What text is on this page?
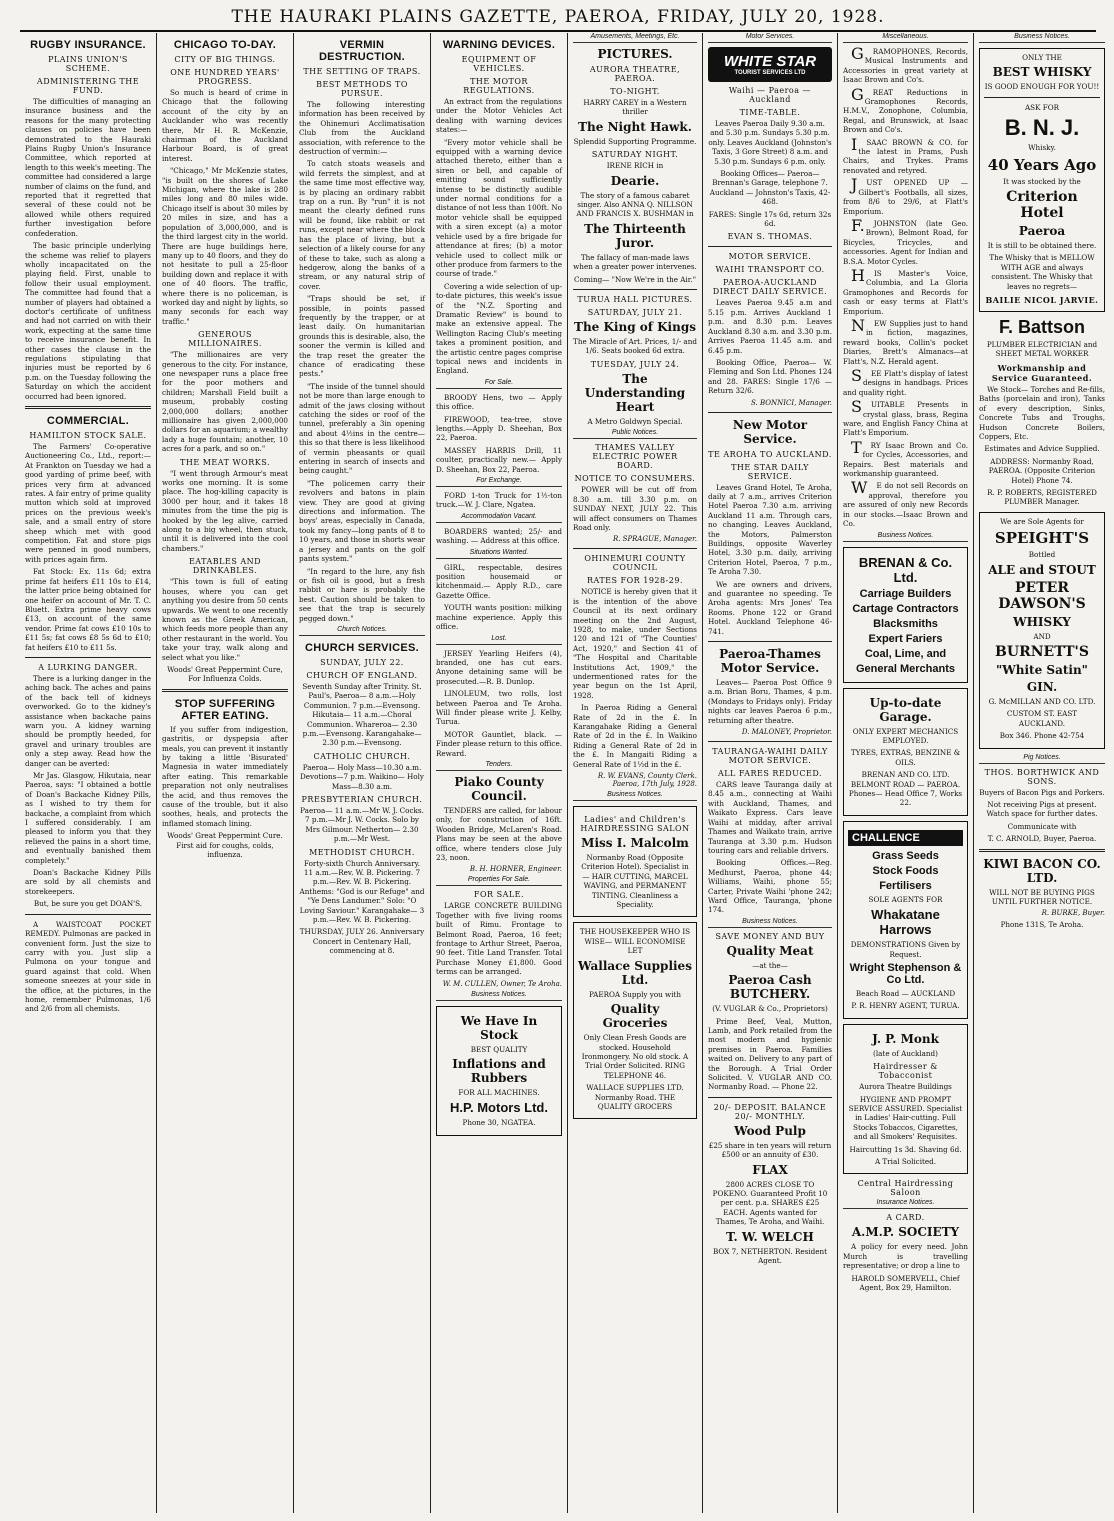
THE HAURAKI PLAINS GAZETTE, PAEROA, FRIDAY, JULY 20, 1928.
RUGBY INSURANCE.
PLAINS UNION'S SCHEME.
ADMINISTERING THE FUND.

The difficulties of managing an insurance business and the reasons for the many protecting clauses on policies have been demonstrated to the Hauraki Plains Rugby Union's Insurance Committee, which reported at length to this week's meeting. The committee had considered a large number of claims on the fund, and reported that it regretted that several of these could not be allowed while others required further investigation before confederation.

The basic principle underlying the scheme was relief to players wholly incapacitated on the playing field. First, unable to follow their usual employment. The committee had found that a number of players had obtained a doctor's certificate of unfitness and had not carried on with their work, expecting at the same time to receive insurance benefit. In other cases the clause in the regulations stipulating that injuries must be reported by 6 p.m. on the Tuesday following the Saturday on which the accident occurred had been ignored.

COMMERCIAL.
HAMILTON STOCK SALE.

The Farmers' Co-operative Auctioneering Co., Ltd., report:— At Frankton on Tuesday we had a good yarding of prime beef, with prices very firm at advanced rates. A fair entry of prime quality mutton which sold at improved prices on the previous week's sale, and a small entry of store sheep which met with good competition. Fat and store pigs were penned in good numbers, with prices again firm.

Fat Stock: Ex. 11s 6d; extra prime fat heifers £11 10s to £14, the latter price being obtained for one heifer on account of Mr. T. C. Bluett. Extra prime heavy cows £13, on account of the same vendor. Prime fat cows £10 10s to £11 5s; fat cows £8 5s 6d to £10; fat heifers £10 to £11 5s.

A LURKING DANGER.

There is a lurking danger in the aching back. The aches and pains of the back tell of kidneys overworked. Go to the kidney's assistance when backache pains warn you. A kidney warning should be promptly heeded, for gravel and urinary troubles are only a step away. Read how the danger can be averted:

Mr Jas. Glasgow, Hikutaia, near Paeroa, says: "I obtained a bottle of Doan's Backache Kidney Pills, as I wished to try them for backache, a complaint from which I suffered considerably. I am pleased to inform you that they relieved the pains in a short time, and eventually banished them completely."

Doan's Backache Kidney Pills are sold by all chemists and storekeepers.

But, be sure you get DOAN'S.

A WAISTCOAT POCKET REMEDY. Pulmonas are packed in convenient form. Just the size to carry with you. Just slip a Pulmona on your tongue and guard against that cold. When someone sneezes at your side in the office, at the pictures, in the home, remember Pulmonas, 1/6 and 2/6 from all chemists.

CHICAGO TO-DAY.
CITY OF BIG THINGS.
ONE HUNDRED YEARS' PROGRESS.

So much is heard of crime in Chicago that the following account of the city by an Aucklander who was recently there, Mr H. R. McKenzie, chairman of the Auckland Harbour Board, is of great interest.

"Chicago," Mr McKenzie states, "is built on the shores of Lake Michigan, where the lake is 280 miles long and 80 miles wide. Chicago itself is about 30 miles by 20 miles in size, and has a population of 3,000,000, and is the third largest city in the world. There are huge buildings here, many up to 40 floors, and they do not hesitate to pull a 25-floor building down and replace it with one of 40 floors. The traffic, where there is no policeman, is worked day and night by lights, so many seconds for each way traffic."

GENEROUS MILLIONAIRES.

"The millionaires are very generous to the city. For instance, one newspaper runs a place free for the poor mothers and children; Marshall Field built a museum, probably costing 2,000,000 dollars; another millionaire has given 2,000,000 dollars for an aquarium; a wealthy lady a huge fountain; another, 10 acres for a park, and so on."

THE MEAT WORKS.

"I went through Armour's meat works one morning. It is some place. The hog-killing capacity is 3000 per hour, and it takes 18 minutes from the time the pig is hooked by the leg alive, carried along to a big wheel, then stuck, until it is delivered into the cool chambers."

EATABLES AND DRINKABLES.

"This town is full of eating houses, where you can get anything you desire from 50 cents upwards. We went to one recently known as the Greek American, which feeds more people than any other restaurant in the world. You take your tray, walk along and select what you like."

Woods' Great Peppermint Cure, For Influenza Colds.

STOP SUFFERING AFTER EATING.

If you suffer from indigestion, gastritis, or dyspepsia after meals, you can prevent it instantly by taking a little 'Bisurated' Magnesia in water immediately after eating. This remarkable preparation not only neutralises the acid, and thus removes the cause of the trouble, but it also soothes, heals, and protects the inflamed stomach lining.

Woods' Great Peppermint Cure. First aid for coughs, colds, influenza.

VERMIN DESTRUCTION.
THE SETTING OF TRAPS.
BEST METHODS TO PURSUE.

The following interesting information has been received by the Ohinemuri Acclimatisation Club from the Auckland association, with reference to the destruction of vermin:—

To catch stoats weasels and wild ferrets the simplest, and at the same time most effective way, is by placing an ordinary rabbit trap on a run. By "run" it is not meant the clearly defined runs will be found, like rabbit or rat runs, except near where the block has the place of living, but a selection of a likely course for any of these to take, such as along a hedgerow, along the banks of a stream, or any natural strip of cover.

"Traps should be set, if possible, in points passed frequently by the trapper, or at least daily. On humanitarian grounds this is desirable, also, the sooner the vermin is killed and the trap reset the greater the chance of eradicating these pests."

"The inside of the tunnel should not be more than large enough to admit of the jaws closing without catching the sides or roof of the tunnel, preferably a 3in opening and about 4½ins in the centre—this so that there is less likelihood of vermin pheasants or quail entering in search of insects and being caught."

"The policemen carry their revolvers and batons in plain view. They are good at giving directions and information. The boys' areas, especially in Canada, took my fancy—long pants of 8 to 10 years, and those in shorts wear a jersey and pants on the golf pants system."

"In regard to the lure, any fish or fish oil is good, but a fresh rabbit or hare is probably the best. Caution should be taken to see that the trap is securely pegged down."

Church Notices.
CHURCH SERVICES.
SUNDAY, JULY 22.
CHURCH OF ENGLAND.

Seventh Sunday after Trinity. St. Paul's, Paeroa— 8 a.m.—Holy Communion. 7 p.m.—Evensong. Hikutaia— 11 a.m.—Choral Communion. Whareroa— 2.30 p.m.—Evensong. Karangahake— 2.30 p.m.—Evensong.

CATHOLIC CHURCH.

Paeroa— Holy Mass—10.30 a.m. Devotions—7 p.m. Waikino— Holy Mass—8.30 a.m.

PRESBYTERIAN CHURCH.

Paeroa— 11 a.m.—Mr W. J. Cocks. 7 p.m.—Mr J. W. Cocks. Solo by Mrs Gilmour. Netherton— 2.30 p.m.—Mr West.

METHODIST CHURCH.

Forty-sixth Church Anniversary. 11 a.m.—Rev. W. B. Pickering. 7 p.m.—Rev. W. B. Pickering. Anthems: "God is our Refuge" and "Ye Dens Landumer." Solo: "O Loving Saviour." Karangahake— 3 p.m.—Rev. W. B. Pickering.

THURSDAY, JULY 26. Anniversary Concert in Centenary Hall, commencing at 8.

WARNING DEVICES.
EQUIPMENT OF VEHICLES.
THE MOTOR REGULATIONS.

An extract from the regulations under the Motor Vehicles Act dealing with warning devices states:—

"Every motor vehicle shall be equipped with a warning device attached thereto, either than a siren or bell, and capable of emitting sound sufficiently intense to be distinctly audible under normal conditions for a distance of not less than 100ft. No motor vehicle shall be equipped with a siren except (a) a motor vehicle used by a fire brigade for attendance at fires; (b) a motor vehicle used to collect milk or other produce from farmers to the course of trade."

Covering a wide selection of up-to-date pictures, this week's issue of the "N.Z. Sporting and Dramatic Review" is bound to make an extensive appeal. The Wellington Racing Club's meeting takes a prominent position, and the artistic centre pages comprise topical news and incidents in England.

For Sale.

BROODY Hens, two — Apply this office.

FIREWOOD, tea-tree, stove lengths.—Apply D. Sheehan, Box 22, Paeroa.

MASSEY HARRIS Drill, 11 coulter, practically new.— Apply D. Sheehan, Box 22, Paeroa.

For Exchange.

FORD 1-ton Truck for 1½-ton truck.—W. J. Clare, Ngatea.

Accommodation Vacant.

BOARDERS wanted; 25/- and washing. — Address at this office.

Situations Wanted.

GIRL, respectable, desires position housemaid or kitchenmaid.— Apply R.D., care Gazette Office.

YOUTH wants position: milking machine experience. Apply this office.

Lost.

JERSEY Yearling Heifers (4), branded, one has cut ears. Anyone detaining same will be prosecuted.—R. B. Dunlop.

LINOLEUM, two rolls, lost between Paeroa and Te Aroha. Will finder please write J. Kelby, Turua.

MOTOR Gauntlet, black. — Finder please return to this office. Reward.

Tenders.
Piako County Council.

TENDERS are called, for labour only, for construction of 16ft. Wooden Bridge, McLaren's Road. Plans may be seen at the above office, where tenders close July 23, noon.

B. H. HORNER, Engineer.
Properties For Sale.
FOR SALE.

LARGE CONCRETE BUILDING Together with five living rooms built of Rimu. Frontage to Belmont Road, Paeroa, 16 feet; frontage to Arthur Street, Paeroa, 90 feet. Title Land Transfer. Total Purchase Money £1,800. Good terms can be arranged.

W. M. CULLEN, Owner, Te Aroha.
Business Notices.
We Have In Stock

BEST QUALITY

Inflations and Rubbers

FOR ALL MACHINES.

H.P. Motors Ltd.

Phone 30, NGATEA.

Amusements, Meetings, Etc.
PICTURES.
AURORA THEATRE, PAEROA.
TO-NIGHT.

HARRY CAREY in a Western thriller

The Night Hawk.

Splendid Supporting Programme.

SATURDAY NIGHT.

IRENE RICH in

Dearie.

The story of a famous cabaret singer. Also ANNA Q. NILLSON AND FRANCIS X. BUSHMAN in

The Thirteenth Juror.

The fallacy of man-made laws when a greater power intervenes.

Coming— "Now We're in the Air."

TURUA HALL PICTURES.
SATURDAY, JULY 21.
The King of Kings

The Miracle of Art. Prices, 1/- and 1/6. Seats booked 6d extra.

TUESDAY, JULY 24.
The Understanding Heart

A Metro Goldwyn Special.

Public Notices.
THAMES VALLEY ELECTRIC POWER BOARD.
NOTICE TO CONSUMERS.

POWER will be cut off from 8.30 a.m. till 3.30 p.m. on SUNDAY NEXT, JULY 22. This will affect consumers on Thames Road only.

R. SPRAGUE, Manager.
OHINEMURI COUNTY COUNCIL
RATES FOR 1928-29.

NOTICE is hereby given that it is the intention of the above Council at its next ordinary meeting on the 2nd August, 1928, to make, under Sections 120 and 121 of "The Counties' Act, 1920," and Section 41 of "The Hospital and Charitable Institutions Act, 1909," the undermentioned rates for the year begun on the 1st April, 1928.

In Paeroa Riding a General Rate of 2d in the £. In Karangahake Riding a General Rate of 2d in the £. In Waikino Riding a General Rate of 2d in the £. In Mangaiti Riding a General Rate of 1½d in the £.

R. W. EVANS, County Clerk. Paeroa, 17th July, 1928.
Business Notices.
Ladies' and Children's HAIRDRESSING SALON
Miss I. Malcolm

Normanby Road (Opposite Criterion Hotel). Specialist in— HAIR CUTTING, MARCEL WAVING, and PERMANENT TINTING. Cleanliness a Speciality.

THE HOUSEKEEPER WHO IS WISE— WILL ECONOMISE LET

Wallace Supplies Ltd.

PAEROA Supply you with

Quality Groceries

Only Clean Fresh Goods are stocked. Household Ironmongery. No old stock. A Trial Order Solicited. RING TELEPHONE 46.

WALLACE SUPPLIES LTD. Normanby Road. THE QUALITY GROCERS

Motor Services.
WHITE STAR
TOURIST SERVICES LTD
Waihi — Paeroa — Auckland
TIME-TABLE.

Leaves Paeroa Daily 9.30 a.m. and 5.30 p.m. Sundays 5.30 p.m. only. Leaves Auckland (Johnston's Taxis, 3 Gore Street) 8 a.m. and 5.30 p.m. Sundays 6 p.m. only.

Booking Offices— Paeroa—Brennan's Garage, telephone 7. Auckland — Johnston's Taxis, 42-468.

FARES: Single 17s 6d, return 32s 6d.

EVAN S. THOMAS.
MOTOR SERVICE.
WAIHI TRANSPORT CO.
PAEROA-AUCKLAND DIRECT DAILY SERVICE.

Leaves Paeroa 9.45 a.m and 5.15 p.m. Arrives Auckland 1 p.m. and 8.30 p.m. Leaves Auckland 8.30 a.m. and 3.30 p.m. Arrives Paeroa 11.45 a.m. and 6.45 p.m.

Booking Office, Paeroa— W. Fleming and Son Ltd. Phones 124 and 28. FARES: Single 17/6 — Return 32/6.

S. BONNICI, Manager.
New Motor Service.
TE AROHA TO AUCKLAND.
THE STAR DAILY SERVICE.

Leaves Grand Hotel, Te Aroha, daily at 7 a.m., arrives Criterion Hotel Paeroa 7.30 a.m. arriving Auckland 11 a.m. Through cars, no changing. Leaves Auckland, the Motors, Palmerston Buildings, opposite Waverley Hotel, 3.30 p.m. daily, arriving Criterion Hotel, Paeroa, 7 p.m., Te Aroha 7.30.

We are owners and drivers, and guarantee no speeding. Te Aroha agents: Mrs Jones' Tea Rooms. Phone 122 or Grand Hotel. Auckland Telephone 46-741.

Paeroa-Thames Motor Service.

Leaves— Paeroa Post Office 9 a.m. Brian Boru, Thames, 4 p.m. (Mondays to Fridays only). Friday nights car leaves Paeroa 6 p.m., returning after theatre.

D. MALONEY, Proprietor.
TAURANGA-WAIHI DAILY MOTOR SERVICE.
ALL FARES REDUCED.

CARS leave Tauranga daily at 8.45 a.m., connecting at Waihi with Auckland, Thames, and Waikato Express. Cars leave Waihi at midday, after arrival Thames and Waikato train, arrive Tauranga at 3.30 p.m. Hudson touring cars and reliable drivers.

Booking Offices.—Reg. Medhurst, Paeroa, phone 44; Williams, Waihi, phone 55; Carter, Private Waihi 'phone 242; Ward Office, Tauranga, 'phone 174.

Business Notices.
SAVE MONEY AND BUY
Quality Meat

—at the—

Paeroa Cash BUTCHERY.

(V. VUGLAR & Co., Proprietors)

Prime Beef, Veal, Mutton, Lamb, and Pork retailed from the most modern and hygienic premises in Paeroa. Families waited on. Delivery to any part of the Borough. A Trial Order Solicited. V. VUGLAR AND CO. Normanby Road. — Phone 22.

20/- DEPOSIT. BALANCE 20/- MONTHLY.
Wood Pulp

£25 share in ten years will return £500 or an annuity of £30.

FLAX

2800 ACRES CLOSE TO POKENO. Guaranteed Profit 10 per cent. p.a. SHARES £25 EACH. Agents wanted for Thames, Te Aroha, and Waihi.

T. W. WELCH

BOX 7, NETHERTON. Resident Agent.

Miscellaneous.

GRAMOPHONES, Records, Musical Instruments and Accessories in great variety at Isaac Brown and Co's.

GREAT Reductions in Gramophones Records, H.M.V., Zonophone, Columbia, Regal, and Brunswick, at Isaac Brown and Co's.

ISAAC BROWN & CO. for the latest in Prams, Push Chairs, and Trykes. Prams renovated and retyred.

JUST OPENED UP — Gilbert's Footballs, all sizes, from 8/6 to 29/6, at Flatt's Emporium.

F.JOHNSTON (late Geo. Brown), Belmont Road, for Bicycles, Tricycles, and accessories. Agent for Indian and B.S.A. Motor Cycles.

HIS Master's Voice, Columbia, and La Gloria Gramophones and Records for cash or easy terms at Flatt's Emporium.

NEW Supplies just to hand in fiction, magazines, reward books, Collin's pocket Diaries, Brett's Almanacs—at Flatt's, N.Z. Herald agent.

SEE Flatt's display of latest designs in handbags. Prices and quality right.

SUITABLE Presents in crystal glass, brass, Regina ware, and English Fancy China at Flatt's Emporium.

TRY Isaac Brown and Co. for Cycles, Accessories, and Repairs. Best materials and workmanship guaranteed.

WE do not sell Records on approval, therefore you are assured of only new Records in our stocks.—Isaac Brown and Co.

Business Notices.
BRENAN & Co. Ltd.
Carriage Builders
Cartage Contractors
Blacksmiths
Expert Fariers
Coal, Lime, and
General Merchants
Up-to-date Garage.

ONLY EXPERT MECHANICS EMPLOYED.

TYRES, EXTRAS, BENZINE & OILS.

BRENAN AND CO. LTD. BELMONT ROAD — PAEROA. Phones— Head Office 7, Works 22.

CHALLENCE
Grass Seeds
Stock Foods
Fertilisers

SOLE AGENTS FOR

Whakatane Harrows

DEMONSTRATIONS Given by Request.

Wright Stephenson & Co Ltd.

Beach Road — AUCKLAND

P. R. HENRY AGENT, TURUA.

J. P. Monk

(late of Auckland)

Hairdresser & Tobacconist

Aurora Theatre Buildings

HYGIENE AND PROMPT SERVICE ASSURED. Specialist in Ladies' Hair-cutting. Full Stocks Tobaccos, Cigarettes, and all Smokers' Requisites.

Haircutting 1s 3d. Shaving 6d.

A Trial Solicited.

Central Hairdressing Saloon
Insurance Notices.
A CARD.
A.M.P. SOCIETY

A policy for every need. John Murch is travelling representative; or drop a line to

HAROLD SOMERVELL, Chief Agent, Box 29, Hamilton.

Business Notices.

ONLY THE

BEST WHISKY

IS GOOD ENOUGH FOR YOU!!

ASK FOR

B. N. J.

Whisky.

40 Years Ago

It was stocked by the

Criterion Hotel
Paeroa

It is still to be obtained there.

The Whisky that is MELLOW WITH AGE and always consistent. The Whisky that leaves no regrets—

BAILIE NICOL JARVIE.
F. Battson

PLUMBER ELECTRICIAN and SHEET METAL WORKER

Workmanship and Service Guaranteed.

We Stock— Torches and Re-fills, Baths (porcelain and iron), Tanks of every description, Sinks, Concrete Tubs and Troughs, Hudson Concrete Boilers, Coppers, Etc.

Estimates and Advice Supplied.

ADDRESS: Normanby Road, PAEROA. (Opposite Criterion Hotel) Phone 74.

R. P. ROBERTS, REGISTERED PLUMBER Manager.

We are Sole Agents for

SPEIGHT'S

Bottled

ALE and STOUT
PETER DAWSON'S
WHISKY

AND

BURNETT'S
"White Satin"
GIN.

G. McMILLAN AND CO. LTD.

CUSTOM ST. EAST AUCKLAND.

Box 346. Phone 42-754

Pig Notices.
THOS. BORTHWICK AND SONS.

Buyers of Bacon Pigs and Porkers.

Not receiving Pigs at present. Watch space for further dates.

Communicate with

T. C. ARNOLD, Buyer, Paeroa.

KIWI BACON CO. LTD.

WILL NOT BE BUYING PIGS UNTIL FURTHER NOTICE.

R. BURKE, Buyer.

Phone 131S, Te Aroha.
